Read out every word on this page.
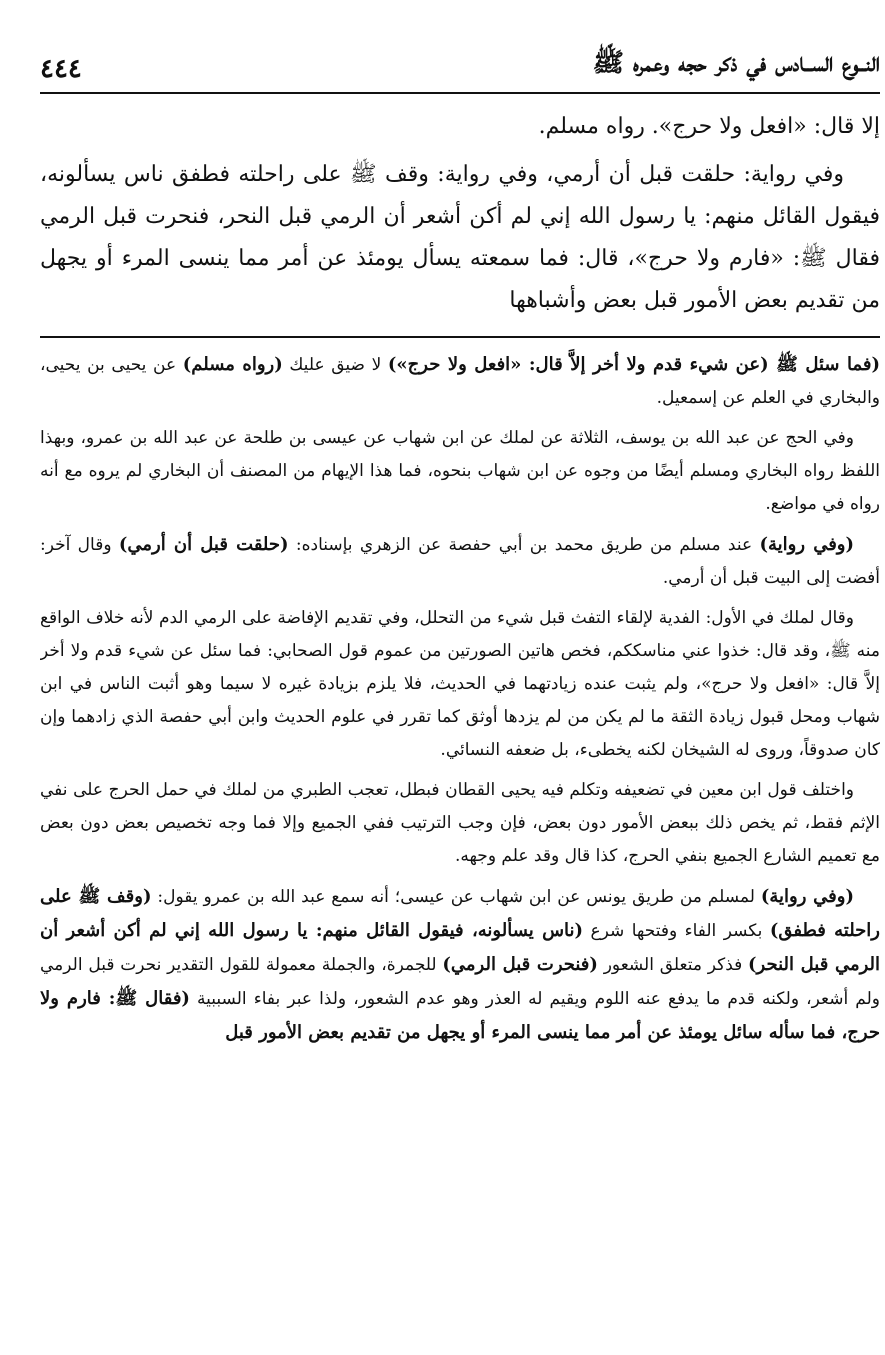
النــوع الســادس في ذكر حجه وعمره ﷺ
٤٤٤

إلا قال: «افعل ولا حرج». رواه مسلم.

وفي رواية: حلقت قبل أن أرمي، وفي رواية: وقف ﷺ على راحلته فطفق ناس يسألونه، فيقول القائل منهم: يا رسول الله إني لم أكن أشعر أن الرمي قبل النحر، فنحرت قبل الرمي فقال ﷺ: «فارم ولا حرج»، قال: فما سمعته يسأل يومئذ عن أمر مما ينسى المرء أو يجهل من تقديم بعض الأمور قبل بعض وأشباهها

(فما سئل ﷺ (عن شيء قدم ولا أخر إلاَّ قال: «افعل ولا حرج») لا ضيق عليك (رواه مسلم) عن يحيى بن يحيى، والبخاري في العلم عن إسمعيل.

وفي الحج عن عبد الله بن يوسف، الثلاثة عن لملك عن ابن شهاب عن عيسى بن طلحة عن عبد الله بن عمرو، وبهذا اللفظ رواه البخاري ومسلم أيضًا من وجوه عن ابن شهاب بنحوه، فما هذا الإيهام من المصنف أن البخاري لم يروه مع أنه رواه في مواضع.

(وفي رواية) عند مسلم من طريق محمد بن أبي حفصة عن الزهري بإسناده: (حلقت قبل أن أرمي) وقال آخر: أفضت إلى البيت قبل أن أرمي.

وقال لملك في الأول: الفدية لإلقاء التفث قبل شيء من التحلل، وفي تقديم الإفاضة على الرمي الدم لأنه خلاف الواقع منه ﷺ، وقد قال: خذوا عني مناسككم، فخص هاتين الصورتين من عموم قول الصحابي: فما سئل عن شيء قدم ولا أخر إلاَّ قال: «افعل ولا حرج»، ولم يثبت عنده زيادتهما في الحديث، فلا يلزم بزيادة غيره لا سيما وهو أثبت الناس في ابن شهاب ومحل قبول زيادة الثقة ما لم يكن من لم يزدها أوثق كما تقرر في علوم الحديث وابن أبي حفصة الذي زادهما وإن كان صدوقاً، وروى له الشيخان لكنه يخطىء، بل ضعفه النسائي.

واختلف قول ابن معين في تضعيفه وتكلم فيه يحيى القطان فبطل، تعجب الطبري من لملك في حمل الحرج على نفي الإثم فقط، ثم يخص ذلك ببعض الأمور دون بعض، فإن وجب الترتيب ففي الجميع وإلا فما وجه تخصيص بعض دون بعض مع تعميم الشارع الجميع بنفي الحرج، كذا قال وقد علم وجهه.

(وفي رواية) لمسلم من طريق يونس عن ابن شهاب عن عيسى؛ أنه سمع عبد الله بن عمرو يقول: (وقف ﷺ على راحلته فطفق) بكسر الفاء وفتحها شرع (ناس يسألونه، فيقول القائل منهم: يا رسول الله إني لم أكن أشعر أن الرمي قبل النحر) فذكر متعلق الشعور (فنحرت قبل الرمي) للجمرة، والجملة معمولة للقول التقدير نحرت قبل الرمي ولم أشعر، ولكنه قدم ما يدفع عنه اللوم ويقيم له العذر وهو عدم الشعور، ولذا عبر بفاء السببية (فقال ﷺ: فارم ولا حرج، فما سأله سائل يومئذ عن أمر مما ينسى المرء أو يجهل من تقديم بعض الأمور قبل
